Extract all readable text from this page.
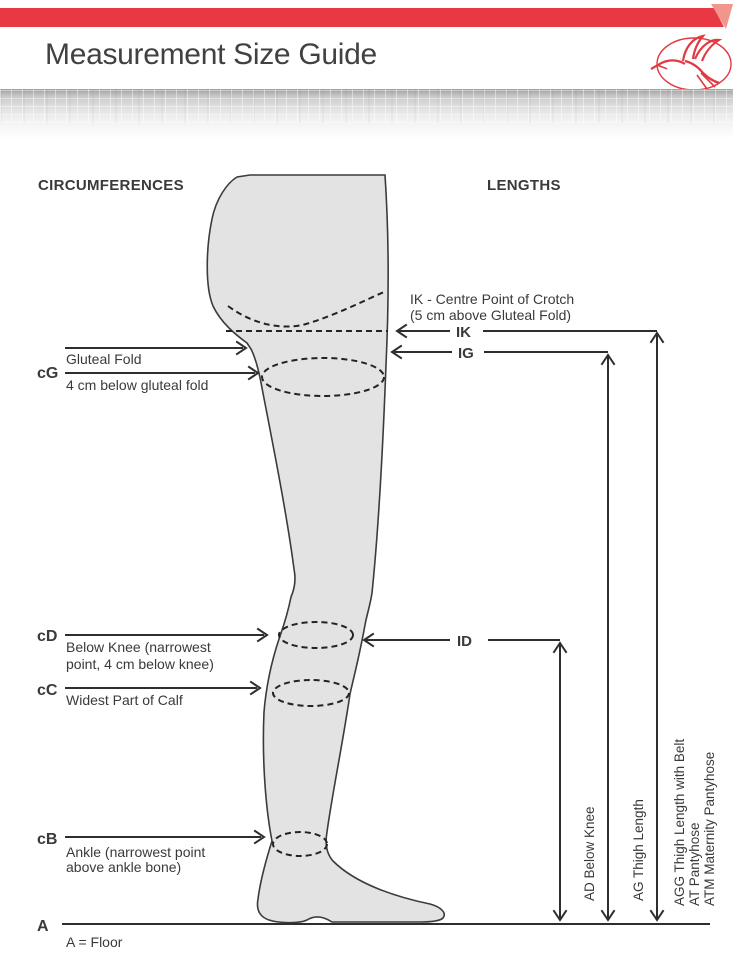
Measurement Size Guide
CIRCUMFERENCES	LENGTHS
cG
Gluteal Fold
4 cm below gluteal fold
cD
Below Knee (narrowest
point, 4 cm below knee)
cC
Widest Part of Calf
cB
Ankle (narrowest point
above ankle bone)
A
A = Floor
IK - Centre Point of Crotch
(5 cm above Gluteal Fold)
IK
IG
ID
AD Below Knee	AG Thigh Length AGG Thigh Length with Belt AT Pantyhose ATM Maternity Pantyhose
